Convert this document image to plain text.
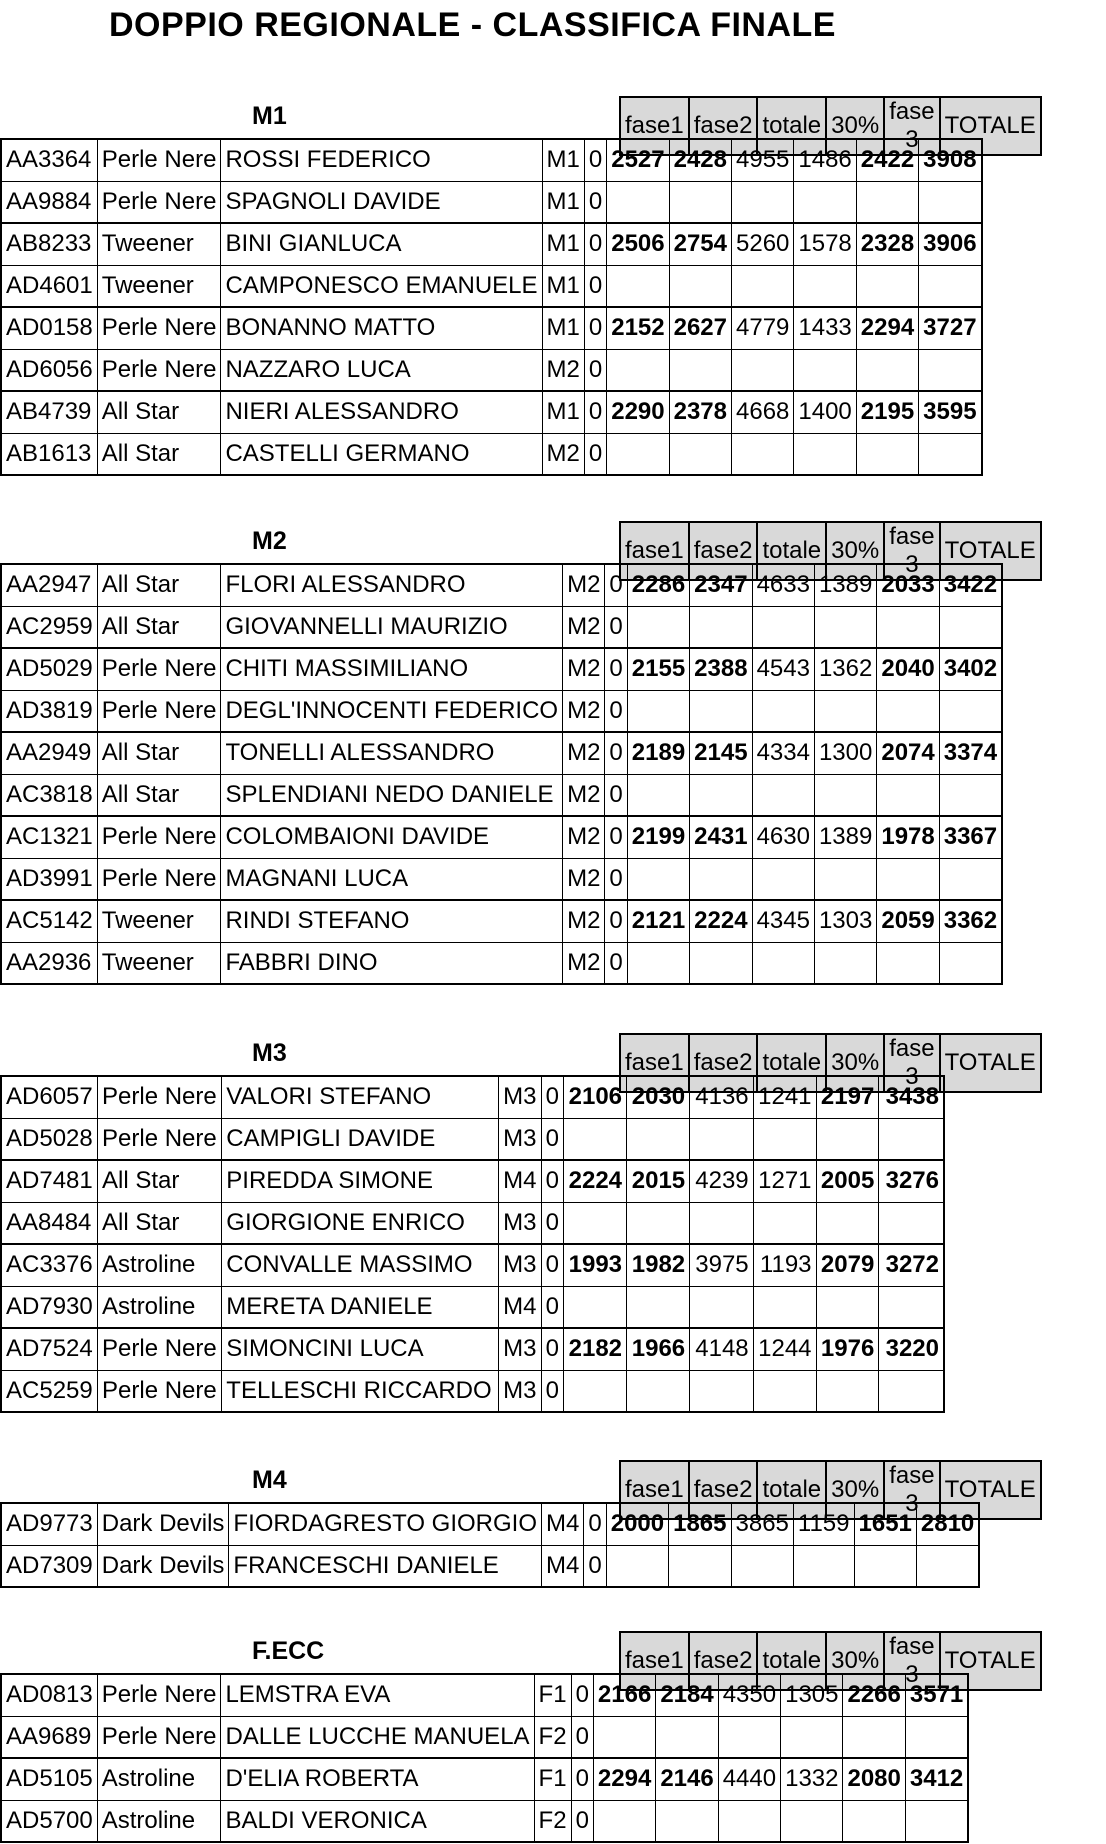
DOPPIO REGIONALE - CLASSIFICA FINALE
M1	fase1	fase2	totale	30%	fase 3	TOTALE
AA3364	Perle Nere	ROSSI FEDERICO	M1	0	2527	2428	4955	1486	2422	3908
AA9884	Perle Nere	SPAGNOLI DAVIDE	M1	0						
AB8233	Tweener	BINI GIANLUCA	M1	0	2506	2754	5260	1578	2328	3906
AD4601	Tweener	CAMPONESCO EMANUELE	M1	0						
AD0158	Perle Nere	BONANNO MATTO	M1	0	2152	2627	4779	1433	2294	3727
AD6056	Perle Nere	NAZZARO LUCA	M2	0						
AB4739	All Star	NIERI ALESSANDRO	M1	0	2290	2378	4668	1400	2195	3595
AB1613	All Star	CASTELLI GERMANO	M2	0						
M2	fase1	fase2	totale	30%	fase 3	TOTALE
AA2947	All Star	FLORI ALESSANDRO	M2	0	2286	2347	4633	1389	2033	3422
AC2959	All Star	GIOVANNELLI MAURIZIO	M2	0						
AD5029	Perle Nere	CHITI MASSIMILIANO	M2	0	2155	2388	4543	1362	2040	3402
AD3819	Perle Nere	DEGL'INNOCENTI FEDERICO	M2	0						
AA2949	All Star	TONELLI ALESSANDRO	M2	0	2189	2145	4334	1300	2074	3374
AC3818	All Star	SPLENDIANI NEDO DANIELE	M2	0						
AC1321	Perle Nere	COLOMBAIONI DAVIDE	M2	0	2199	2431	4630	1389	1978	3367
AD3991	Perle Nere	MAGNANI LUCA	M2	0						
AC5142	Tweener	RINDI STEFANO	M2	0	2121	2224	4345	1303	2059	3362
AA2936	Tweener	FABBRI DINO	M2	0						
M3	fase1	fase2	totale	30%	fase 3	TOTALE
AD6057	Perle Nere	VALORI STEFANO	M3	0	2106	2030	4136	1241	2197	3438
AD5028	Perle Nere	CAMPIGLI DAVIDE	M3	0						
AD7481	All Star	PIREDDA SIMONE	M4	0	2224	2015	4239	1271	2005	3276
AA8484	All Star	GIORGIONE ENRICO	M3	0						
AC3376	Astroline	CONVALLE MASSIMO	M3	0	1993	1982	3975	1193	2079	3272
AD7930	Astroline	MERETA DANIELE	M4	0						
AD7524	Perle Nere	SIMONCINI LUCA	M3	0	2182	1966	4148	1244	1976	3220
AC5259	Perle Nere	TELLESCHI RICCARDO	M3	0						
M4	fase1	fase2	totale	30%	fase 3	TOTALE
AD9773	Dark Devils	FIORDAGRESTO GIORGIO	M4	0	2000	1865	3865	1159	1651	2810
AD7309	Dark Devils	FRANCESCHI DANIELE	M4	0						
F.ECC	fase1	fase2	totale	30%	fase 3	TOTALE
AD0813	Perle Nere	LEMSTRA EVA	F1	0	2166	2184	4350	1305	2266	3571
AA9689	Perle Nere	DALLE LUCCHE MANUELA	F2	0						
AD5105	Astroline	D'ELIA ROBERTA	F1	0	2294	2146	4440	1332	2080	3412
AD5700	Astroline	BALDI VERONICA	F2	0						
